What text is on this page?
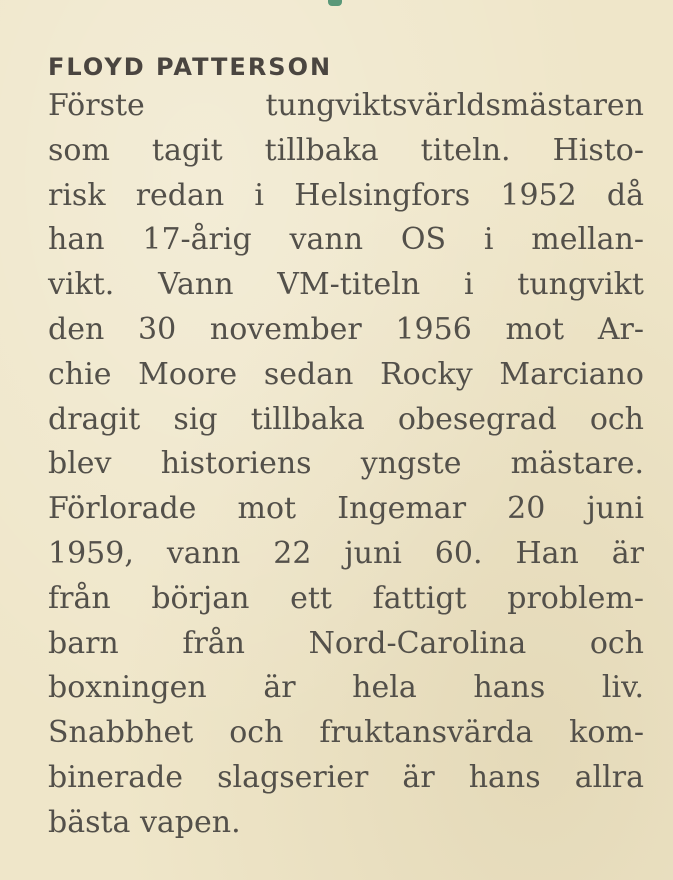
FLOYD PATTERSON
Förste tungviktsvärldsmästaren
som tagit tillbaka titeln. Histo-
risk redan i Helsingfors 1952 då
han 17-årig vann OS i mellan-
vikt. Vann VM-titeln i tungvikt
den 30 november 1956 mot Ar-
chie Moore sedan Rocky Marciano
dragit sig tillbaka obesegrad och
blev historiens yngste mästare.
Förlorade mot Ingemar 20 juni
1959, vann 22 juni 60. Han är
från början ett fattigt problem-
barn från Nord-Carolina och
boxningen är hela hans liv.
Snabbhet och fruktansvärda kom-
binerade slagserier är hans allra
bästa vapen.
